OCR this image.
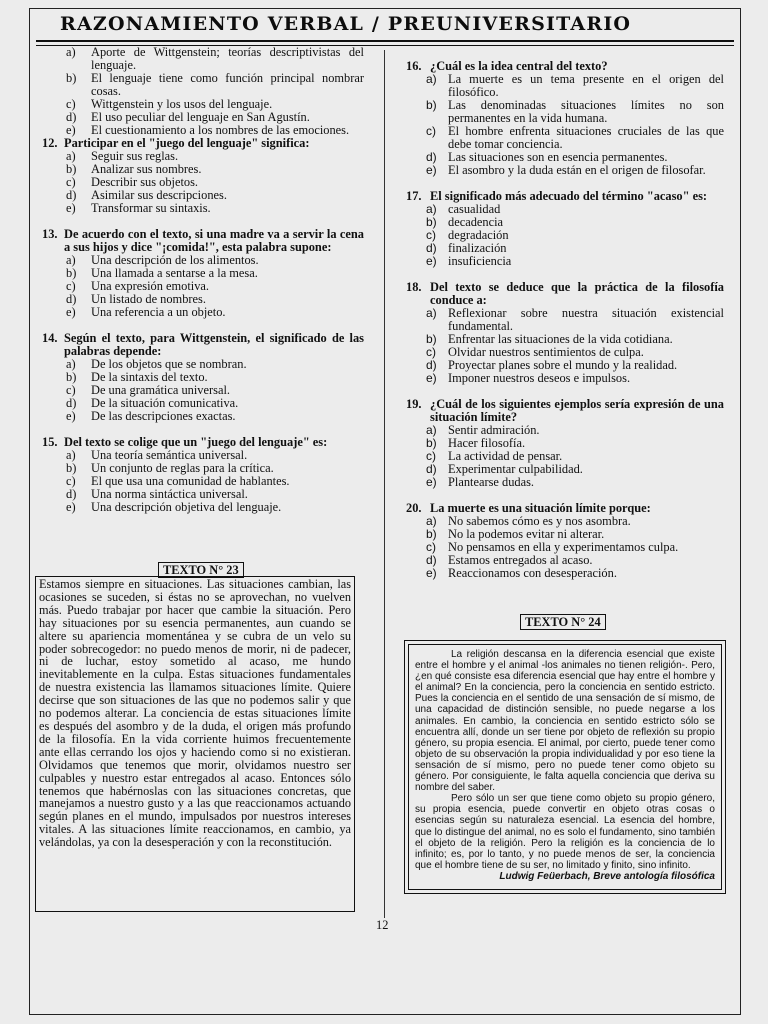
RAZONAMIENTO VERBAL / PREUNIVERSITARIO
a)	Aporte de Wittgenstein; teorías descriptivistas del lenguaje.
b)	El lenguaje tiene como función principal nombrar cosas.
c)	Wittgenstein y los usos del lenguaje.
d)	El uso peculiar del lenguaje en San Agustín.
e)	El cuestionamiento a los nombres de las emociones.
12. Participar en el "juego del lenguaje" significa:
a)	Seguir sus reglas.
b)	Analizar sus nombres.
c)	Describir sus objetos.
d)	Asimilar sus descripciones.
e)	Transformar su sintaxis.
13. De acuerdo con el texto, si una madre va a servir la cena a sus hijos y dice "¡comida!", esta palabra supone:
a)	Una descripción de los alimentos.
b)	Una llamada a sentarse a la mesa.
c)	Una expresión emotiva.
d)	Un listado de nombres.
e)	Una referencia a un objeto.
14. Según el texto, para Wittgenstein, el significado de las palabras depende:
a)	De los objetos que se nombran.
b)	De la sintaxis del texto.
c)	De una gramática universal.
d)	De la situación comunicativa.
e)	De las descripciones exactas.
15. Del texto se colige que un "juego del lenguaje" es:
a)	Una teoría semántica universal.
b)	Un conjunto de reglas para la crítica.
c)	El que usa una comunidad de hablantes.
d)	Una norma sintáctica universal.
e)	Una descripción objetiva del lenguaje.
TEXTO N° 23
Estamos siempre en situaciones. Las situaciones cambian, las ocasiones se suceden, si éstas no se aprovechan, no vuelven más. Puedo trabajar por hacer que cambie la situación. Pero hay situaciones por su esencia permanentes, aun cuando se altere su apariencia momentánea y se cubra de un velo su poder sobrecogedor: no puedo menos de morir, ni de padecer, ni de luchar, estoy sometido al acaso, me hundo inevitablemente en la culpa. Estas situaciones fundamentales de nuestra existencia las llamamos situaciones límite. Quiere decirse que son situaciones de las que no podemos salir y que no podemos alterar. La conciencia de estas situaciones límite es después del asombro y de la duda, el origen más profundo de la filosofía. En la vida corriente huimos frecuentemente ante ellas cerrando los ojos y haciendo como si no existieran. Olvidamos que tenemos que morir, olvidamos nuestro ser culpables y nuestro estar entregados al acaso. Entonces sólo tenemos que habérnoslas con las situaciones concretas, que manejamos a nuestro gusto y a las que reaccionamos actuando según planes en el mundo, impulsados por nuestros intereses vitales. A las situaciones límite reaccionamos, en cambio, ya velándolas, ya con la desesperación y con la reconstitución.
16. ¿Cuál es la idea central del texto?
a) La muerte es un tema presente en el origen del filosófico.
b) Las denominadas situaciones límites no son permanentes en la vida humana.
c) El hombre enfrenta situaciones cruciales de las que debe tomar conciencia.
d) Las situaciones son en esencia permanentes.
e) El asombro y la duda están en el origen de filosofar.
17. El significado más adecuado del término "acaso" es:
a) casualidad
b) decadencia
c) degradación
d) finalización
e) insuficiencia
18. Del texto se deduce que la práctica de la filosofía conduce a:
a) Reflexionar sobre nuestra situación existencial fundamental.
b) Enfrentar las situaciones de la vida cotidiana.
c) Olvidar nuestros sentimientos de culpa.
d) Proyectar planes sobre el mundo y la realidad.
e) Imponer nuestros deseos e impulsos.
19. ¿Cuál de los siguientes ejemplos sería expresión de una situación límite?
a) Sentir admiración.
b) Hacer filosofía.
c) La actividad de pensar.
d) Experimentar culpabilidad.
e) Plantearse dudas.
20. La muerte es una situación límite porque:
a) No sabemos cómo es y nos asombra.
b) No la podemos evitar ni alterar.
c) No pensamos en ella y experimentamos culpa.
d) Estamos entregados al acaso.
e) Reaccionamos con desesperación.
TEXTO N° 24

La religión descansa en la diferencia esencial que existe entre el hombre y el animal -los animales no tienen religión-. Pero, ¿en qué consiste esa diferencia esencial que hay entre el hombre y el animal? En la conciencia, pero la conciencia en sentido estricto. Pues la conciencia en el sentido de una sensación de sí mismo, de una capacidad de distinción sensible, no puede negarse a los animales. En cambio, la conciencia en sentido estricto sólo se encuentra allí, donde un ser tiene por objeto de reflexión su propio género, su propia esencia. El animal, por cierto, puede tener como objeto de su observación la propia individualidad y por eso tiene la sensación de sí mismo, pero no puede tener como objeto su género. Por consiguiente, le falta aquella conciencia que deriva su nombre del saber.

Pero sólo un ser que tiene como objeto su propio género, su propia esencia, puede convertir en objeto otras cosas o esencias según su naturaleza esencial. La esencia del hombre, que lo distingue del animal, no es solo el fundamento, sino también el objeto de la religión. Pero la religión es la conciencia de lo infinito; es, por lo tanto, y no puede menos de ser, la conciencia que el hombre tiene de su ser, no limitado y finito, sino infinito.

Ludwig Feüerbach, Breve antología filosófica
12
